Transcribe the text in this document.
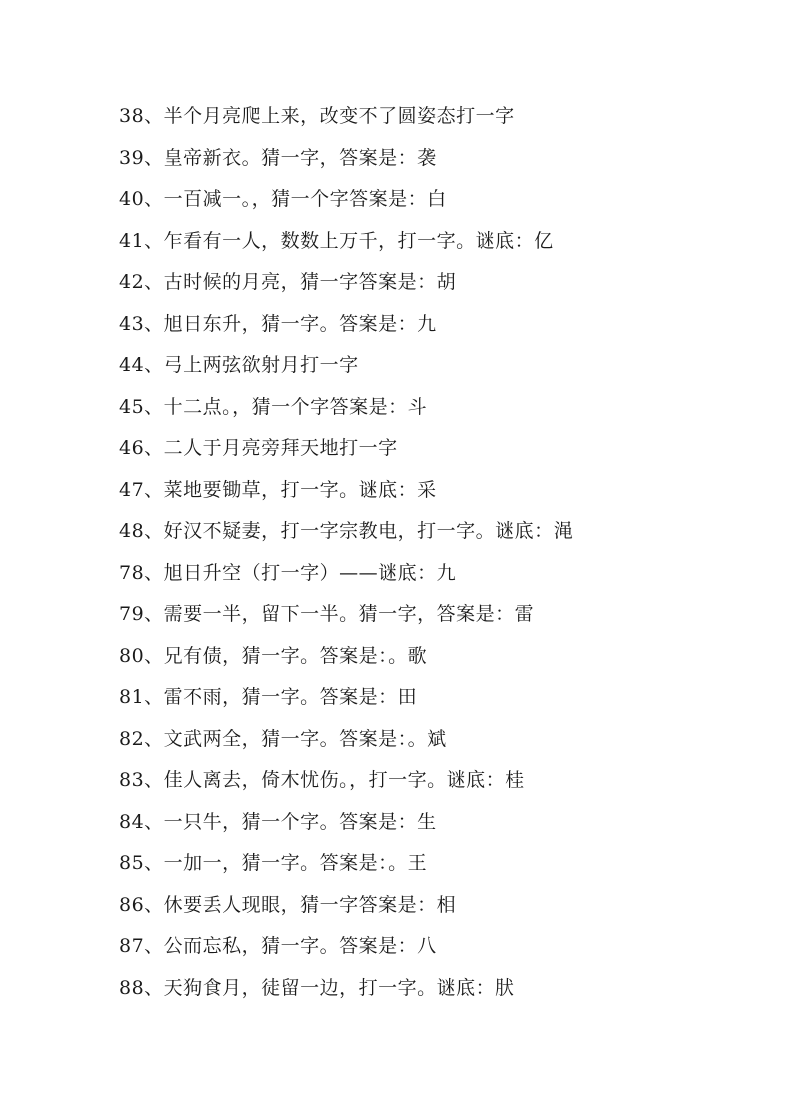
38、半个月亮爬上来，改变不了圆姿态打一字
39、皇帝新衣。猜一字，答案是：袭
40、一百减一。，猜一个字答案是：白
41、乍看有一人，数数上万千，打一字。谜底：亿
42、古时候的月亮，猜一字答案是：胡
43、旭日东升，猜一字。答案是：九
44、弓上两弦欲射月打一字
45、十二点。，猜一个字答案是：斗
46、二人于月亮旁拜天地打一字
47、菜地要锄草，打一字。谜底：采
48、好汉不疑妻，打一字宗教电，打一字。谜底：渑
78、旭日升空（打一字）——谜底：九
79、需要一半，留下一半。猜一字，答案是：雷
80、兄有债，猜一字。答案是：。歌
81、雷不雨，猜一字。答案是：田
82、文武两全，猜一字。答案是：。斌
83、佳人离去，倚木忧伤。，打一字。谜底：桂
84、一只牛，猜一个字。答案是：生
85、一加一，猜一字。答案是：。王
86、休要丢人现眼，猜一字答案是：相
87、公而忘私，猜一字。答案是：八
88、天狗食月，徒留一边，打一字。谜底：肰
